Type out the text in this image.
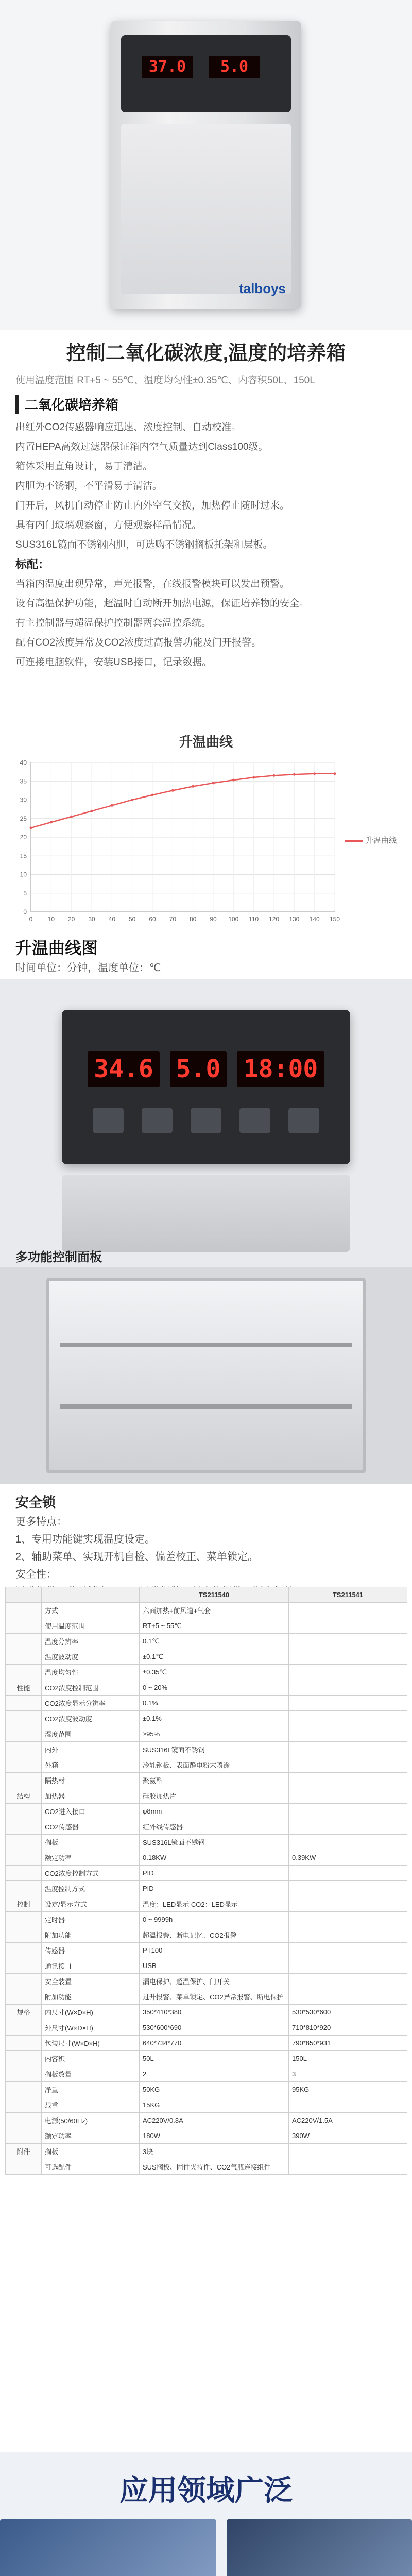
37.0	5.0
talboys
控制二氧化碳浓度,温度的培养箱
使用温度范围 RT+5 ~ 55℃、温度均匀性±0.35℃、内容积50L、150L
二氧化碳培养箱

出红外CO2传感器响应迅速、浓度控制、自动校准。

内置HEPA高效过滤器保证箱内空气质量达到Class100级。

箱体采用直角设计，易于清洁。

内胆为不锈钢，不平滑易于清洁。

门开后，风机自动停止防止内外空气交换，加热停止随时过来。

具有内门玻璃观察窗，方便观察样品情况。

SUS316L镜面不锈钢内胆，可选购不锈钢搁板托架和层板。

标配：

当箱内温度出现异常，声光报警，在线报警模块可以发出预警。

设有高温保护功能，超温时自动断开加热电源，保证培养物的安全。

有主控制器与超温保护控制器两套温控系统。

配有CO2浓度异常及CO2浓度过高报警功能及门开报警。

可连接电脑软件，安装USB接口，记录数据。

升温曲线
0
5
10
15
20
25
30
35
40
0 10 20 30 40 50 60 70 80 90 100 110 120 130 140 150
升温曲线
升温曲线图
时间单位：分钟，温度单位：℃
34.6 5.0 18:00
多功能控制面板
安全锁

更多特点：

1、专用功能键实现温度设定。

2、辅助菜单、实现开机自检、偏差校正、菜单锁定。

安全性：

		TS211540	TS211541
	方式	六面加热+前风道+气套	
	使用温度范围	RT+5 ~ 55℃	
	温度分辨率	0.1℃	
	温度波动度	±0.1℃	
	温度均匀性	±0.35℃	
性能	CO2浓度控制范围	0 ~ 20%	
	CO2浓度显示分辨率	0.1%	
	CO2浓度波动度	±0.1%	
	湿度范围	≥95%	
	内外	SUS316L镜面不锈钢	
	外箱	冷轧钢板、表面静电粉末喷涂	
	隔热材	聚氨酯	
结构	加热器	硅胶加热片	
	CO2进入接口	φ8mm	
	CO2传感器	红外线传感器	
	搁板	SUS316L镜面不锈钢	
	额定功率	0.18KW	0.39KW
	CO2浓度控制方式	PID	
	温度控制方式	PID	
控制	设定/显示方式	温度：LED显示 CO2：LED显示	
	定时器	0 ~ 9999h	
	附加功能	超温报警、断电记忆、CO2报警	
	传感器	PT100	
	通讯接口	USB	
	安全装置	漏电保护、超温保护、门开关	
	附加功能	过升报警、菜单锁定、CO2异常报警、断电保护	
规格	内尺寸(W×D×H)	350*410*380	530*530*600
	外尺寸(W×D×H)	530*600*690	710*810*920
	包装尺寸(W×D×H)	640*734*770	790*850*931
	内容积	50L	150L
	搁板数量	2	3
	净重	50KG	95KG
	载重	15KG	
	电源(50/60Hz)	AC220V/0.8A	AC220V/1.5A
	额定功率	180W	390W
附件	搁板	3块	
	可选配件	SUS搁板、固件夹持件、CO2气瓶连接组件	
应用领域广泛
